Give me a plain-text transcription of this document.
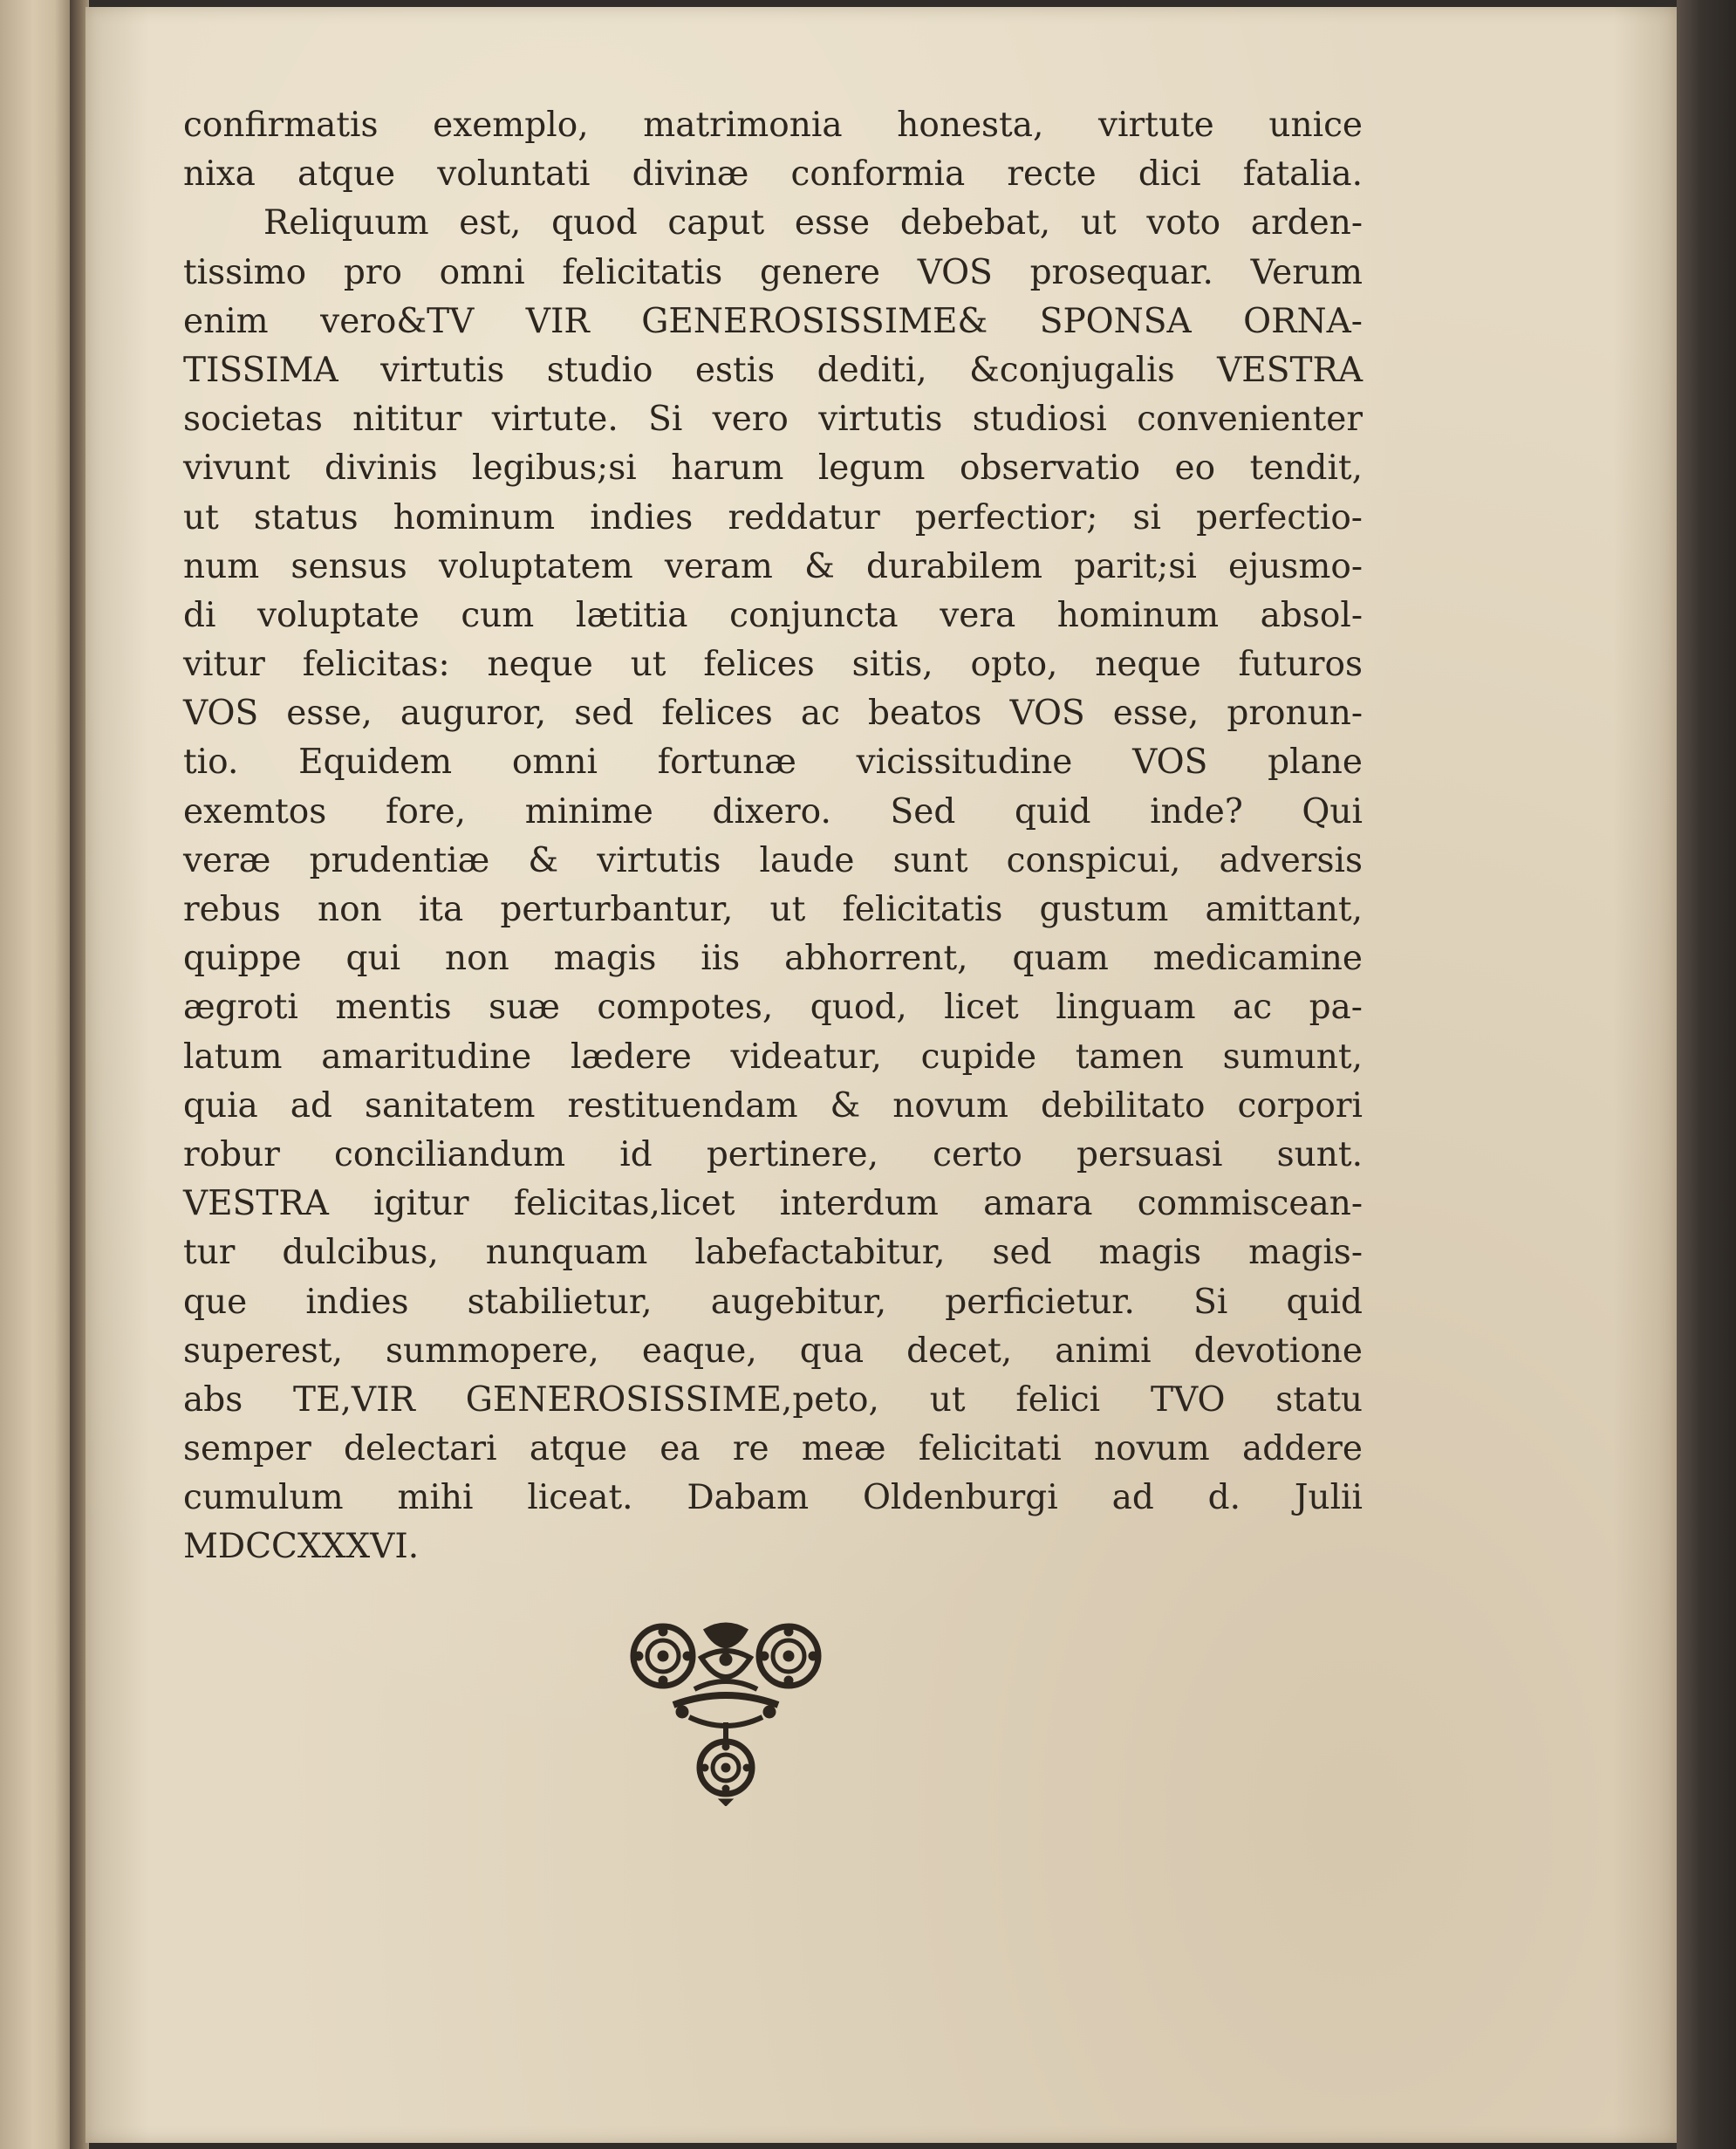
confirmatis exemplo, matrimonia honesta, virtute unice
nixa atque voluntati divinæ conformia recte dici fatalia.
Reliquum est, quod caput esse debebat, ut voto arden-
tissimo pro omni felicitatis genere VOS prosequar. Verum
enim vero&TV VIR GENEROSISSIME& SPONSA ORNA-
TISSIMA virtutis studio estis dediti, &conjugalis VESTRA
societas nititur virtute. Si vero virtutis studiosi convenienter
vivunt divinis legibus;si harum legum observatio eo tendit,
ut status hominum indies reddatur perfectior; si perfectio-
num sensus voluptatem veram & durabilem parit;si ejusmo-
di voluptate cum lætitia conjuncta vera hominum absol-
vitur felicitas: neque ut felices sitis, opto, neque futuros
VOS esse, auguror, sed felices ac beatos VOS esse, pronun-
tio. Equidem omni fortunæ vicissitudine VOS plane
exemtos fore, minime dixero. Sed quid inde? Qui
veræ prudentiæ & virtutis laude sunt conspicui, adversis
rebus non ita perturbantur, ut felicitatis gustum amittant,
quippe qui non magis iis abhorrent, quam medicamine
ægroti mentis suæ compotes, quod, licet linguam ac pa-
latum amaritudine lædere videatur, cupide tamen sumunt,
quia ad sanitatem restituendam & novum debilitato corpori
robur conciliandum id pertinere, certo persuasi sunt.
VESTRA igitur felicitas,licet interdum amara commiscean-
tur dulcibus, nunquam labefactabitur, sed magis magis-
que indies stabilietur, augebitur, perficietur. Si quid
superest, summopere, eaque, qua decet, animi devotione
abs TE,VIR GENEROSISSIME,peto, ut felici TVO statu
semper delectari atque ea re meæ felicitati novum addere
cumulum mihi liceat. Dabam Oldenburgi ad d. Julii
MDCCXXXVI.
